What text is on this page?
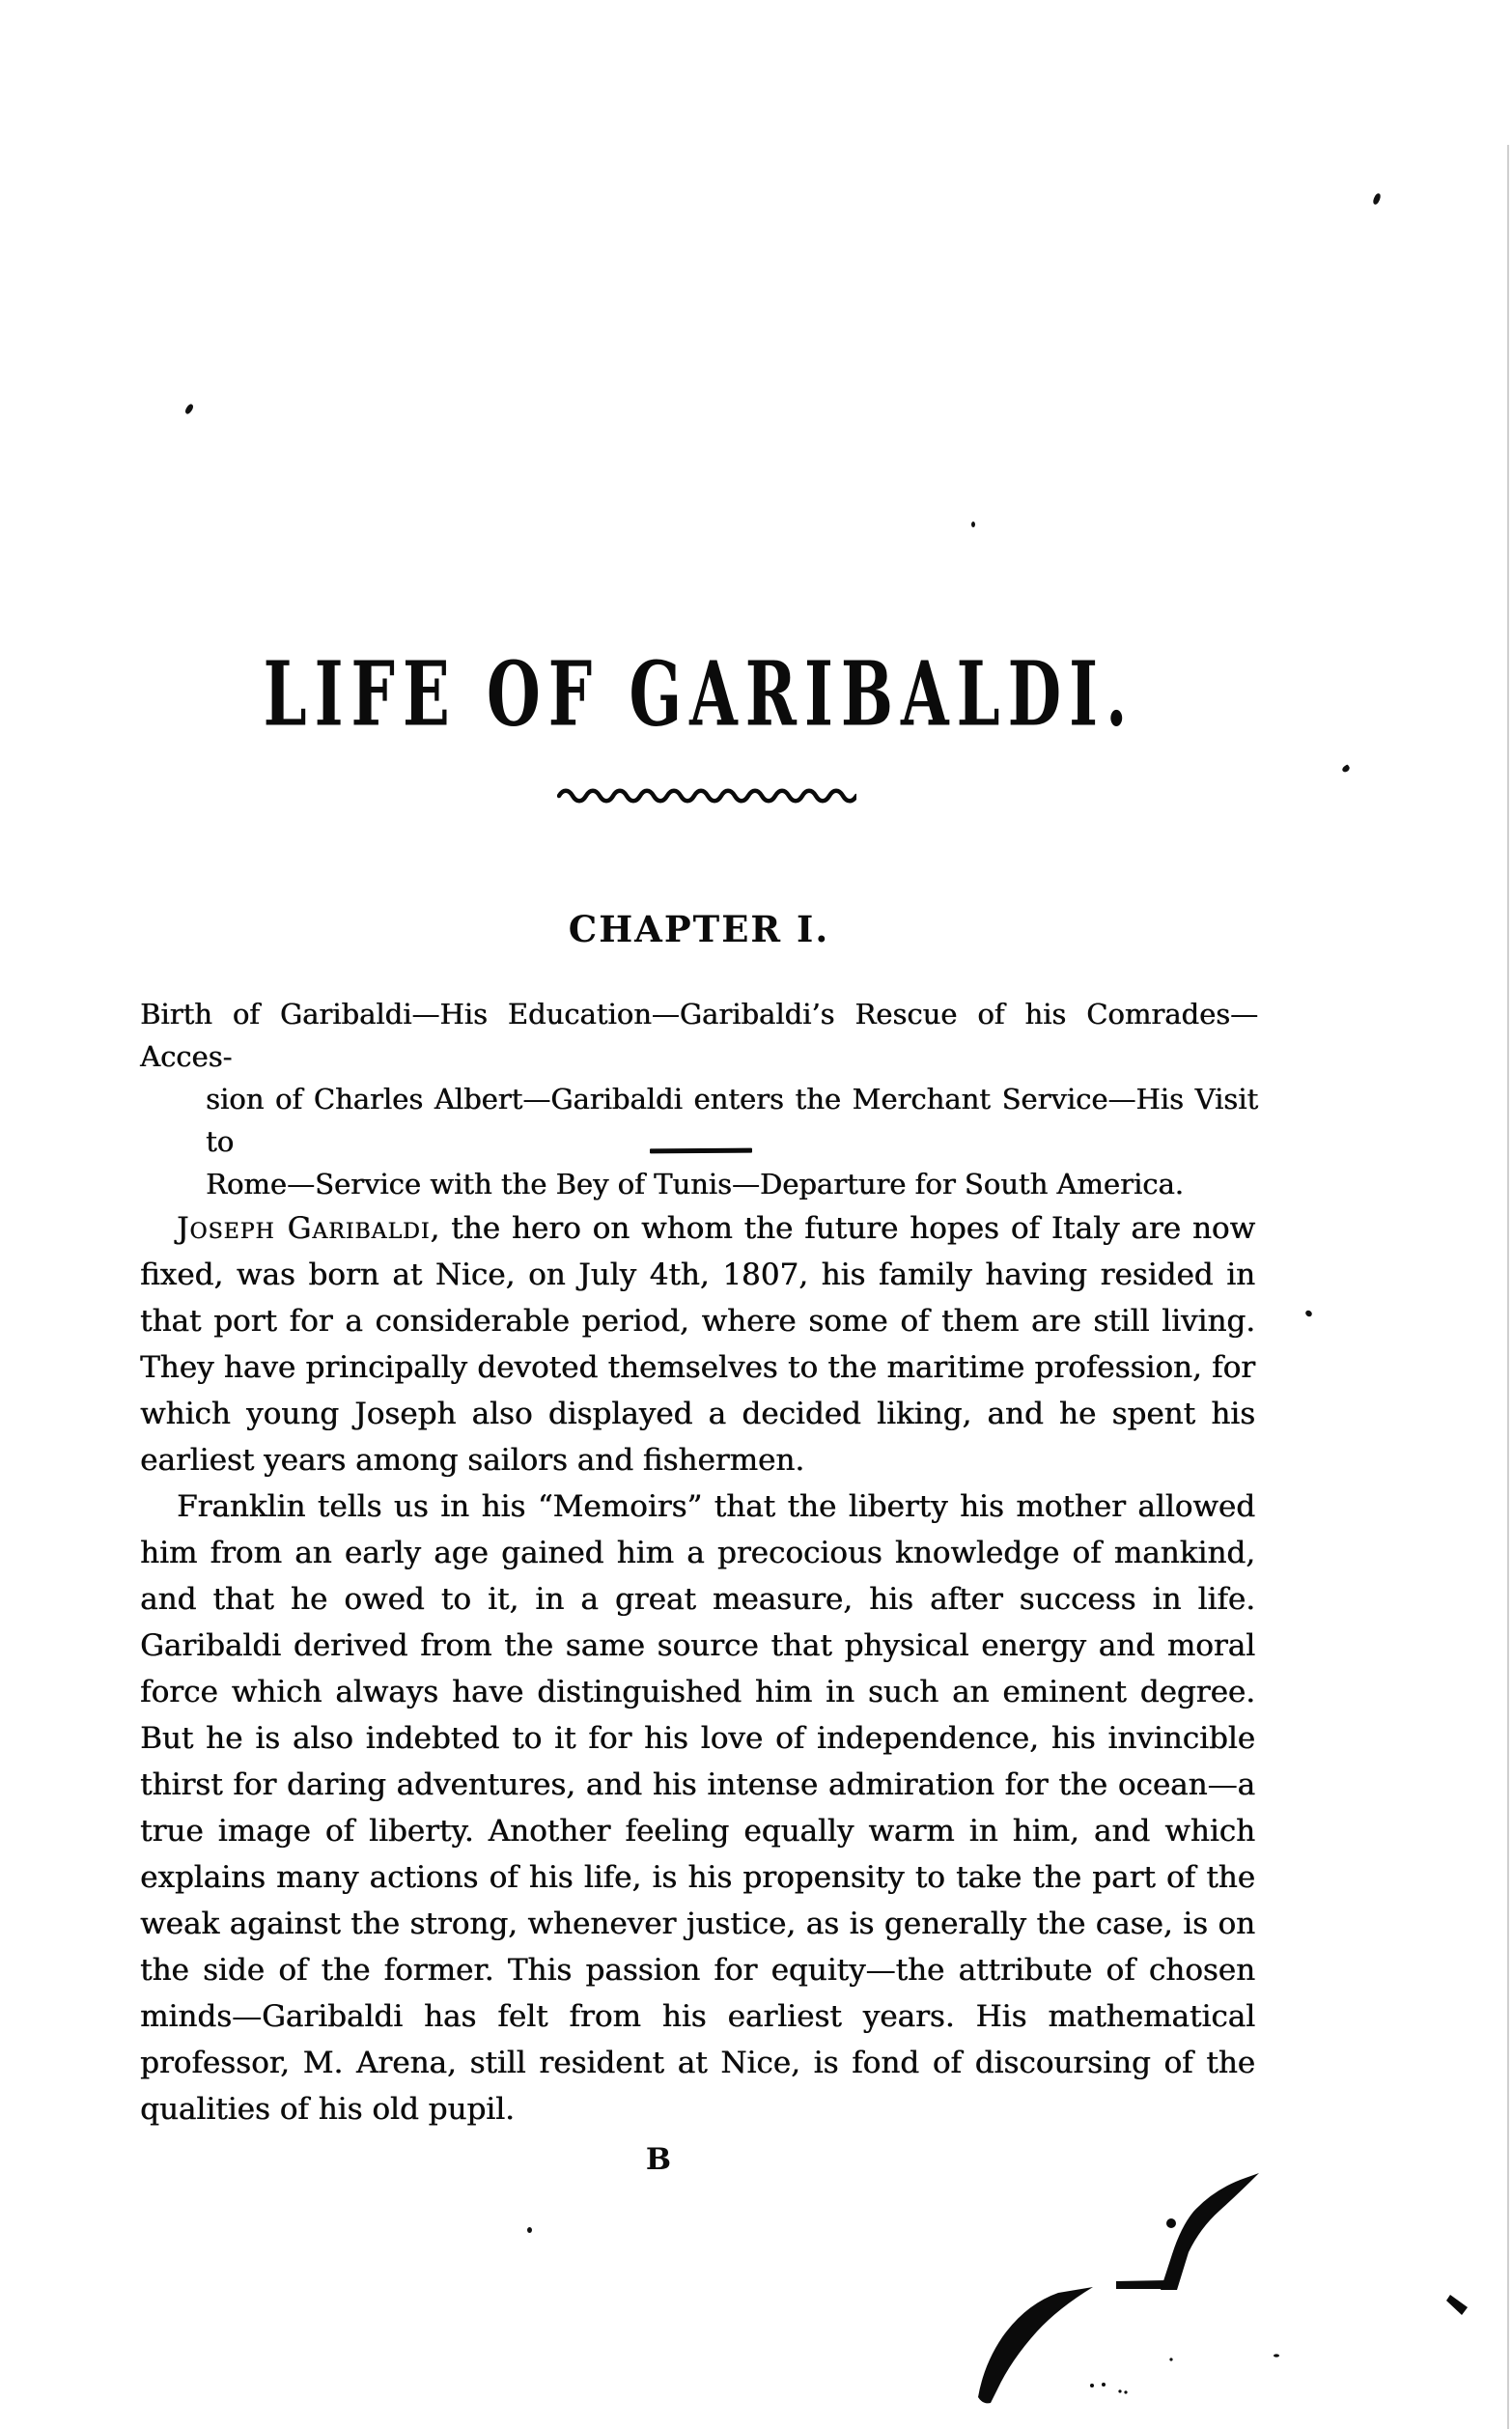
LIFE OF GARIBALDI.
CHAPTER I.
Birth of Garibaldi—His Education—Garibaldi’s Rescue of his Comrades—Acces-
sion of Charles Albert—Garibaldi enters the Merchant Service—His Visit to
Rome—Service with the Bey of Tunis—Departure for South America.
Joseph Garibaldi, the hero on whom the future hopes of Italy are now
fixed, was born at Nice, on July 4th, 1807, his family having resided in
that port for a considerable period, where some of them are still living.
They have principally devoted themselves to the maritime profession, for
which young Joseph also displayed a decided liking, and he spent his
earliest years among sailors and fishermen.
Franklin tells us in his “Memoirs” that the liberty his mother allowed
him from an early age gained him a precocious knowledge of mankind,
and that he owed to it, in a great measure, his after success in life.
Garibaldi derived from the same source that physical energy and moral
force which always have distinguished him in such an eminent degree.
But he is also indebted to it for his love of independence, his invincible
thirst for daring adventures, and his intense admiration for the ocean—a
true image of liberty. Another feeling equally warm in him, and which
explains many actions of his life, is his propensity to take the part of the
weak against the strong, whenever justice, as is generally the case, is on
the side of the former. This passion for equity—the attribute of chosen
minds—Garibaldi has felt from his earliest years. His mathematical
professor, M. Arena, still resident at Nice, is fond of discoursing of the
qualities of his old pupil.
B
